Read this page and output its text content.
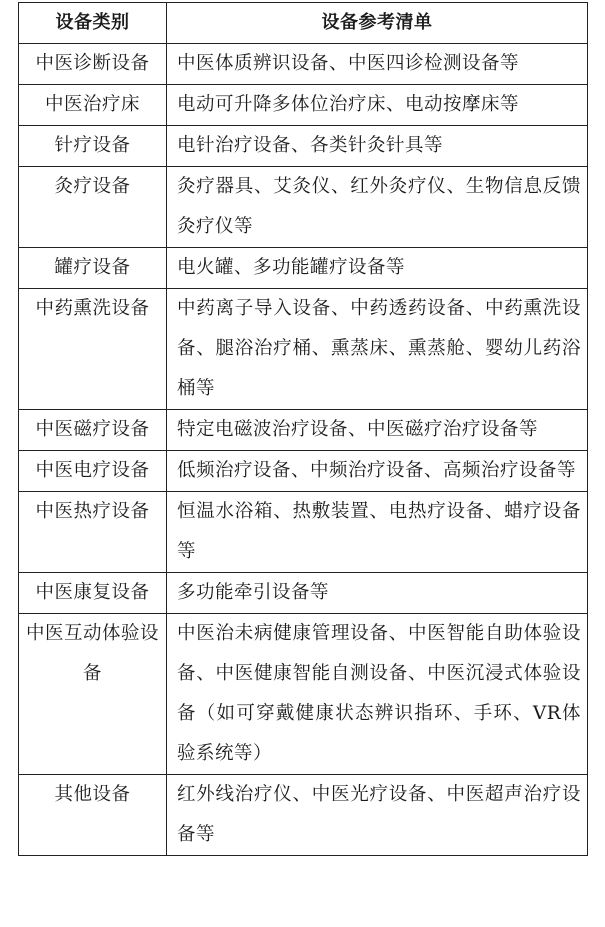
设备类别	设备参考清单
中医诊断设备	中医体质辨识设备、中医四诊检测设备等
中医治疗床	电动可升降多体位治疗床、电动按摩床等
针疗设备	电针治疗设备、各类针灸针具等
灸疗设备	灸疗器具、艾灸仪、红外灸疗仪、生物信息反馈灸疗仪等
罐疗设备	电火罐、多功能罐疗设备等
中药熏洗设备	中药离子导入设备、中药透药设备、中药熏洗设备、腿浴治疗桶、熏蒸床、熏蒸舱、婴幼儿药浴桶等
中医磁疗设备	特定电磁波治疗设备、中医磁疗治疗设备等
中医电疗设备	低频治疗设备、中频治疗设备、高频治疗设备等
中医热疗设备	恒温水浴箱、热敷装置、电热疗设备、蜡疗设备等
中医康复设备	多功能牵引设备等
中医互动体验设备	中医治未病健康管理设备、中医智能自助体验设备、中医健康智能自测设备、中医沉浸式体验设备（如可穿戴健康状态辨识指环、手环、VR体验系统等）
其他设备	红外线治疗仪、中医光疗设备、中医超声治疗设备等
